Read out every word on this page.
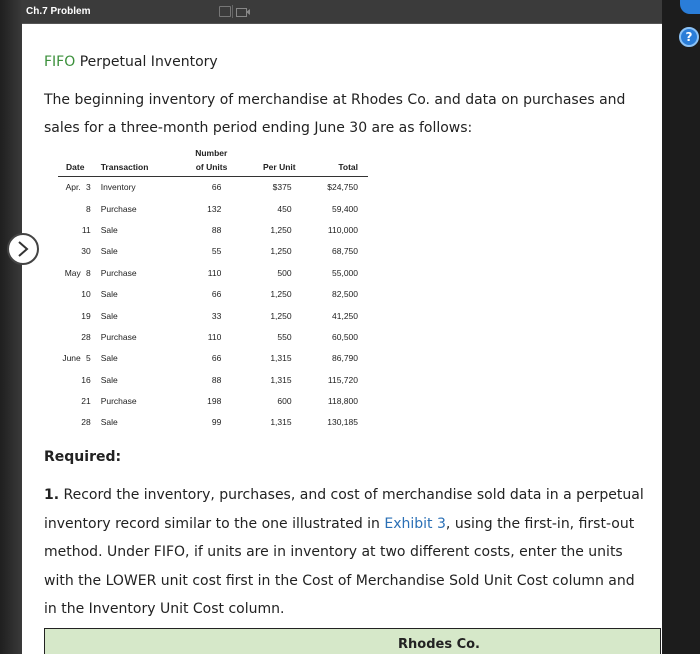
?
Ch.7 Problem
FIFO Perpetual Inventory
The beginning inventory of merchandise at Rhodes Co. and data on purchases and sales for a three-month period ending June 30 are as follows:
			Number		
Date		Transaction	of Units	Per Unit	Total
Apr.	3	Inventory	66	$375	$24,750
	8	Purchase	132	450	59,400
	11	Sale	88	1,250	110,000
	30	Sale	55	1,250	68,750
May	8	Purchase	110	500	55,000
	10	Sale	66	1,250	82,500
	19	Sale	33	1,250	41,250
	28	Purchase	110	550	60,500
June	5	Sale	66	1,315	86,790
	16	Sale	88	1,315	115,720
	21	Purchase	198	600	118,800
	28	Sale	99	1,315	130,185
Required:
1. Record the inventory, purchases, and cost of merchandise sold data in a perpetual inventory record similar to the one illustrated in Exhibit 3, using the first-in, first-out method. Under FIFO, if units are in inventory at two different costs, enter the units with the LOWER unit cost first in the Cost of Merchandise Sold Unit Cost column and in the Inventory Unit Cost column.
Rhodes Co.
